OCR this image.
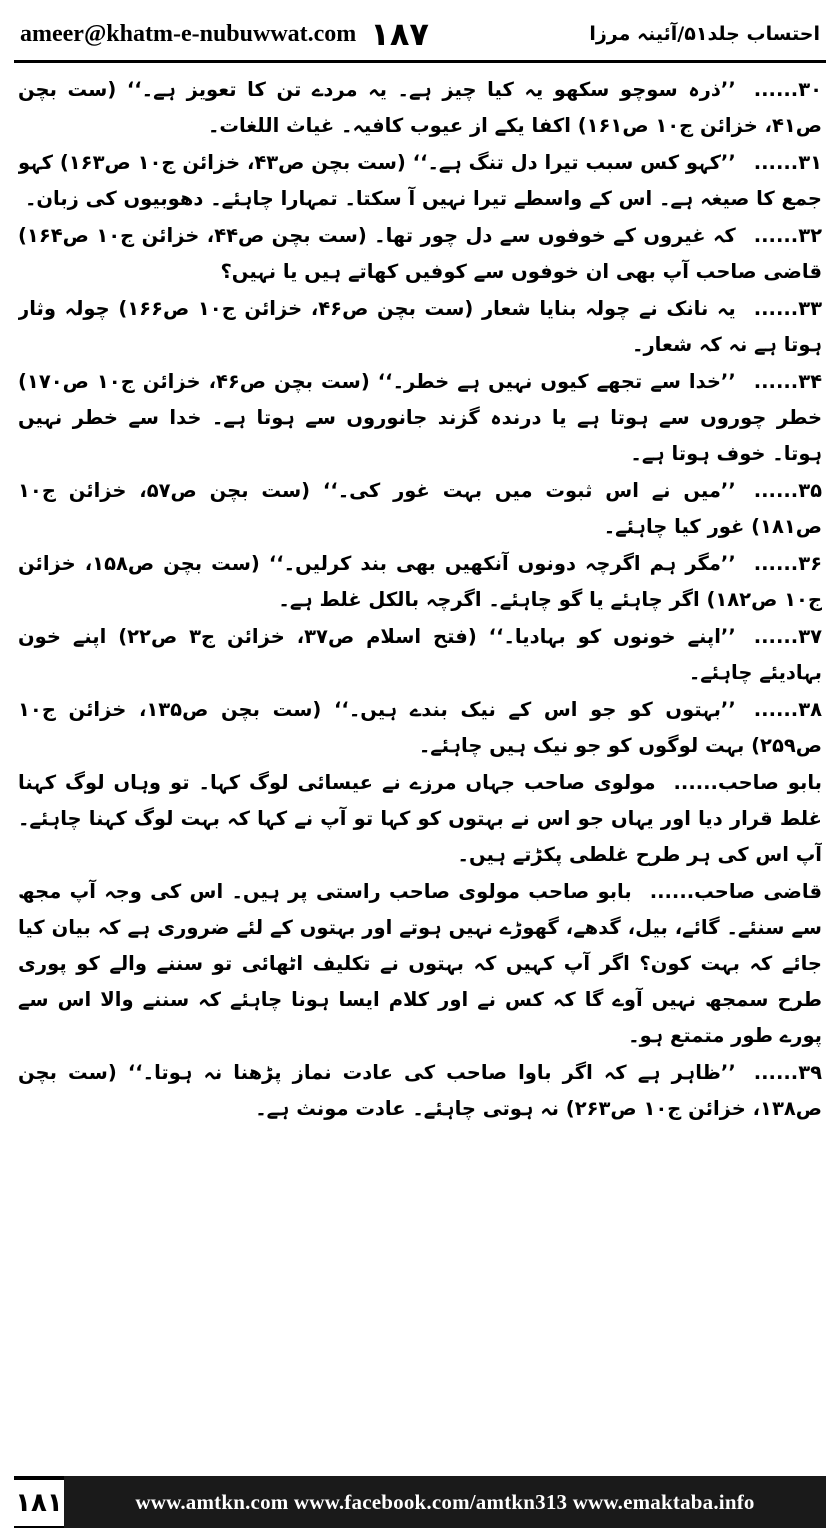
ameer@khatm-e-nubuwwat.com ۱۸۷	احتساب جلد۵۱/آئینہ مرزا

۳۰......’’ذرہ سوچو سکھو یہ کیا چیز ہے۔ یہ مردے تن کا تعویز ہے۔‘‘ (ست بچن ص۴۱، خزائن ج۱۰ ص۱۶۱) اکفا یکے از عیوب کافیہ۔ غیاث اللغات۔

۳۱......’’کہو کس سبب تیرا دل تنگ ہے۔‘‘ (ست بچن ص۴۳، خزائن ج۱۰ ص۱۶۳) کہو جمع کا صیغہ ہے۔ اس کے واسطے تیرا نہیں آ سکتا۔ تمہارا چاہئے۔ دھوبیوں کی زبان۔

۳۲......کہ غیروں کے خوفوں سے دل چور تھا۔ (ست بچن ص۴۴، خزائن ج۱۰ ص۱۶۴) قاضی صاحب آپ بھی ان خوفوں سے کوفیں کھاتے ہیں یا نہیں؟

۳۳......یہ نانک نے چولہ بنایا شعار (ست بچن ص۴۶، خزائن ج۱۰ ص۱۶۶) چولہ وثار ہوتا ہے نہ کہ شعار۔

۳۴......’’خدا سے تجھے کیوں نہیں ہے خطر۔‘‘ (ست بچن ص۴۶، خزائن ج۱۰ ص۱۷۰) خطر چوروں سے ہوتا ہے یا درندہ گزند جانوروں سے ہوتا ہے۔ خدا سے خطر نہیں ہوتا۔ خوف ہوتا ہے۔

۳۵......’’میں نے اس ثبوت میں بہت غور کی۔‘‘ (ست بچن ص۵۷، خزائن ج۱۰ ص۱۸۱) غور کیا چاہئے۔

۳۶......’’مگر ہم اگرچہ دونوں آنکھیں بھی بند کرلیں۔‘‘ (ست بچن ص۱۵۸، خزائن ج۱۰ ص۱۸۲) اگر چاہئے یا گو چاہئے۔ اگرچہ بالکل غلط ہے۔

۳۷......’’اپنے خونوں کو بہادیا۔‘‘ (فتح اسلام ص۳۷، خزائن ج۳ ص۲۲) اپنے خون بہادیئے چاہئے۔

۳۸......’’بہتوں کو جو اس کے نیک بندے ہیں۔‘‘ (ست بچن ص۱۳۵، خزائن ج۱۰ ص۲۵۹) بہت لوگوں کو جو نیک ہیں چاہئے۔

بابو صاحب......مولوی صاحب جہاں مرزے نے عیسائی لوگ کہا۔ تو وہاں لوگ کہنا غلط قرار دیا اور یہاں جو اس نے بہتوں کو کہا تو آپ نے کہا کہ بہت لوگ کہنا چاہئے۔ آپ اس کی ہر طرح غلطی پکڑتے ہیں۔

قاضی صاحب......بابو صاحب مولوی صاحب راستی پر ہیں۔ اس کی وجہ آپ مجھ سے سنئے۔ گائے، بیل، گدھے، گھوڑے نہیں ہوتے اور بہتوں کے لئے ضروری ہے کہ بیان کیا جائے کہ بہت کون؟ اگر آپ کہیں کہ بہتوں نے تکلیف اٹھائی تو سننے والے کو پوری طرح سمجھ نہیں آوے گا کہ کس نے اور کلام ایسا ہونا چاہئے کہ سننے والا اس سے پورے طور متمتع ہو۔

۳۹......’’ظاہر ہے کہ اگر باوا صاحب کی عادت نماز پڑھنا نہ ہوتا۔‘‘ (ست بچن ص۱۳۸، خزائن ج۱۰ ص۲۶۳) نہ ہوتی چاہئے۔ عادت مونث ہے۔

۱۸۱	www.amtkn.com www.facebook.com/amtkn313 www.emaktaba.info
